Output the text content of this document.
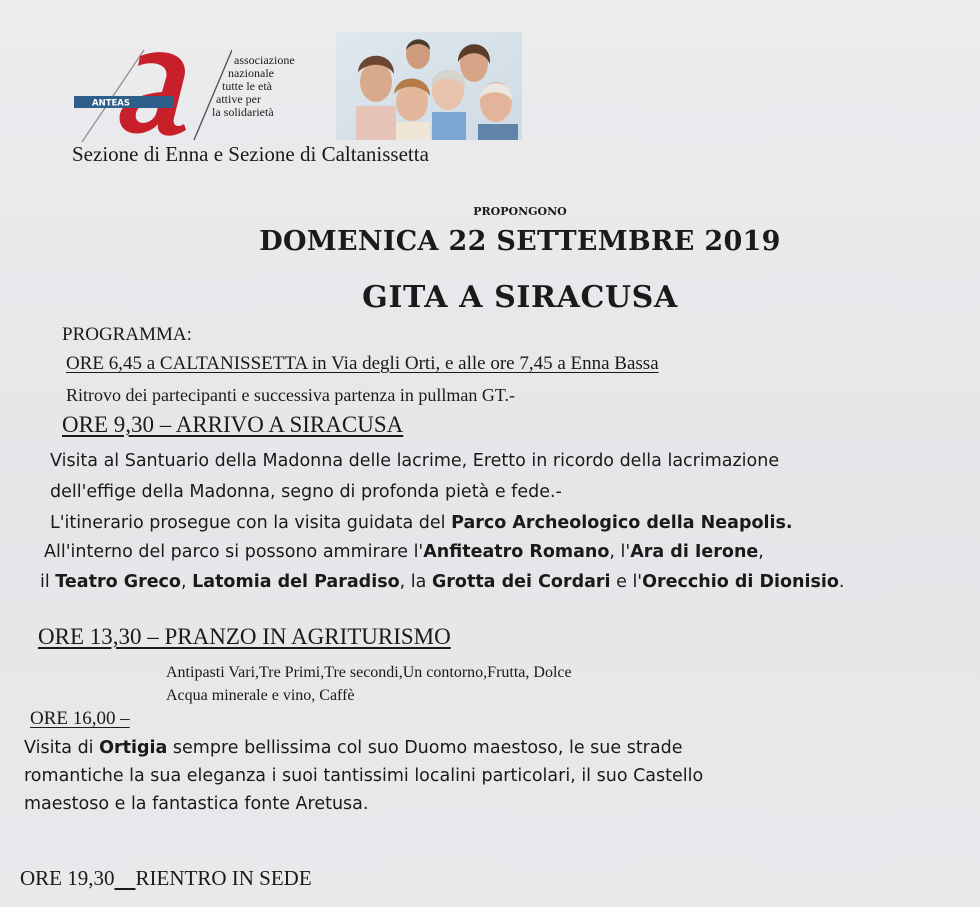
ANTEAS
associazione
nazionale
tutte le età
attive per
la solidarietà
Sezione di Enna e Sezione di Caltanissetta
PROPONGONO
DOMENICA 22 SETTEMBRE 2019
GITA A SIRACUSA
PROGRAMMA:
ORE 6,45 a CALTANISSETTA in Via degli Orti, e alle ore 7,45 a Enna Bassa
Ritrovo dei partecipanti e successiva partenza in pullman GT.-
ORE 9,30 – ARRIVO A SIRACUSA
Visita al Santuario della Madonna delle lacrime, Eretto in ricordo della lacrimazione
dell'effige della Madonna, segno di profonda pietà e fede.-
L'itinerario prosegue con la visita guidata del Parco Archeologico della Neapolis.
All'interno del parco si possono ammirare l'Anfiteatro Romano, l'Ara di Ierone,
il Teatro Greco, Latomia del Paradiso, la Grotta dei Cordari e l'Orecchio di Dionisio.
ORE 13,30 – PRANZO IN AGRITURISMO
Antipasti Vari,Tre Primi,Tre secondi,Un contorno,Frutta, Dolce
Acqua minerale e vino, Caffè
ORE 16,00 –
Visita di Ortigia sempre bellissima col suo Duomo maestoso, le sue strade
romantiche la sua eleganza i suoi tantissimi localini particolari, il suo Castello
maestoso e la fantastica fonte Aretusa.
ORE 19,30 RIENTRO IN SEDE
